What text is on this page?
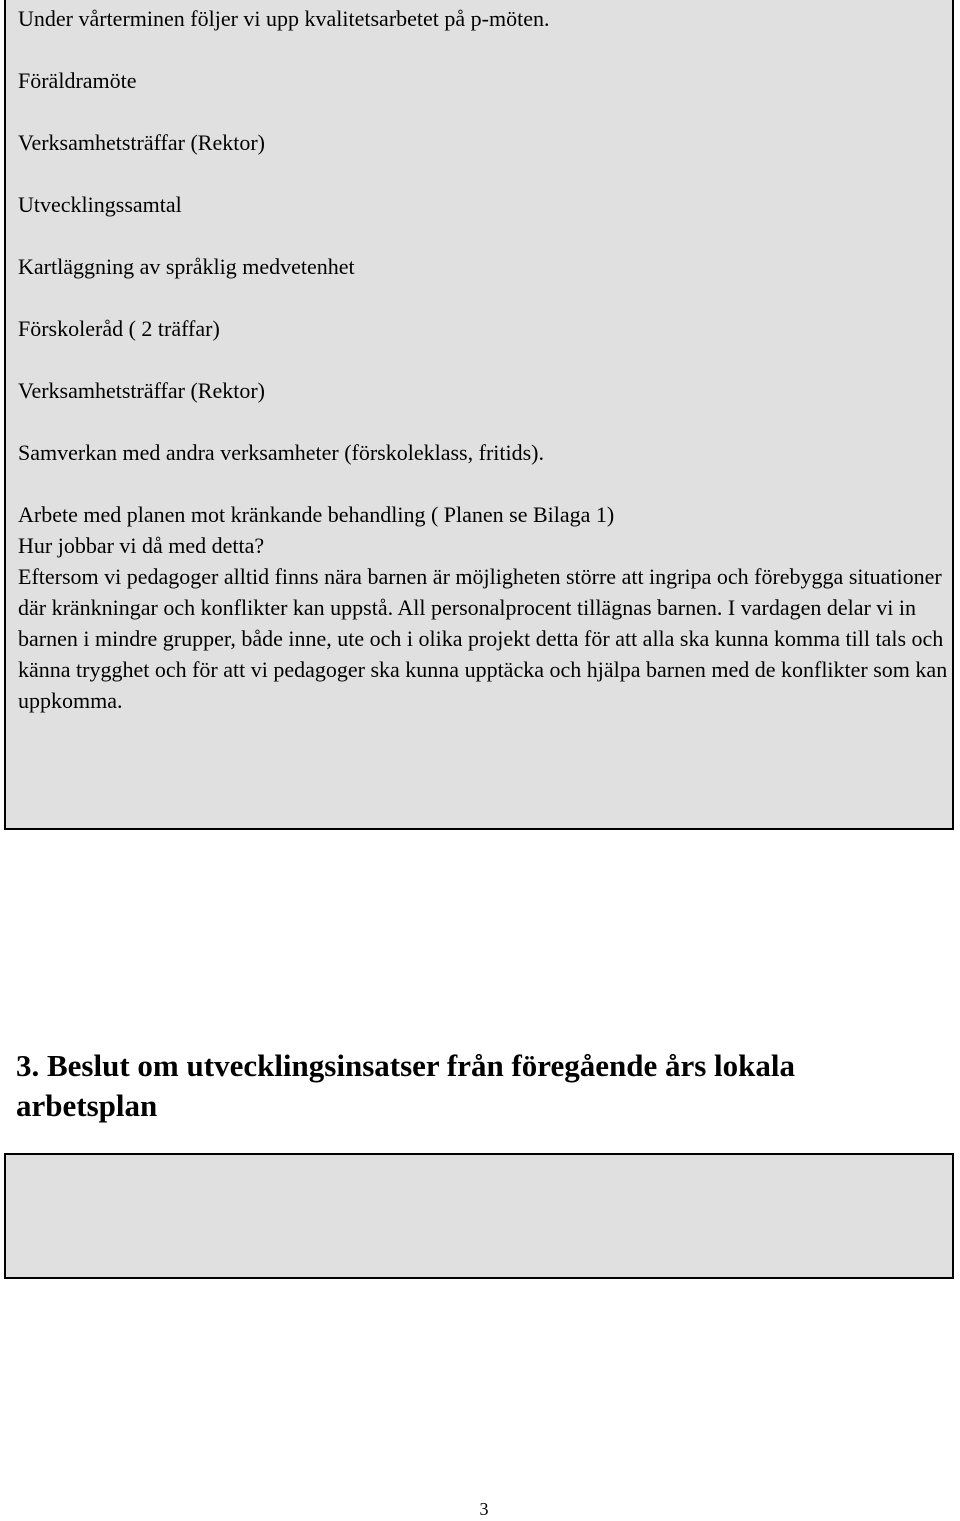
Under vårterminen följer vi upp kvalitetsarbetet på p-möten.
Föräldramöte
Verksamhetsträffar (Rektor)
Utvecklingssamtal
Kartläggning av språklig medvetenhet
Förskoleråd ( 2 träffar)
Verksamhetsträffar (Rektor)
Samverkan med andra verksamheter (förskoleklass, fritids).
Arbete med planen mot kränkande behandling ( Planen se Bilaga 1)
Hur jobbar vi då med detta?

Eftersom vi pedagoger alltid finns nära barnen är möjligheten större att ingripa och förebygga situationer där kränkningar och konflikter kan uppstå. All personalprocent tillägnas barnen. I vardagen delar vi in barnen i mindre grupper, både inne, ute och i olika projekt detta för att alla ska kunna komma till tals och känna trygghet och för att vi pedagoger ska kunna upptäcka och hjälpa barnen med de konflikter som kan uppkomma.

3. Beslut om utvecklingsinsatser från föregående års lokala arbetsplan
3
